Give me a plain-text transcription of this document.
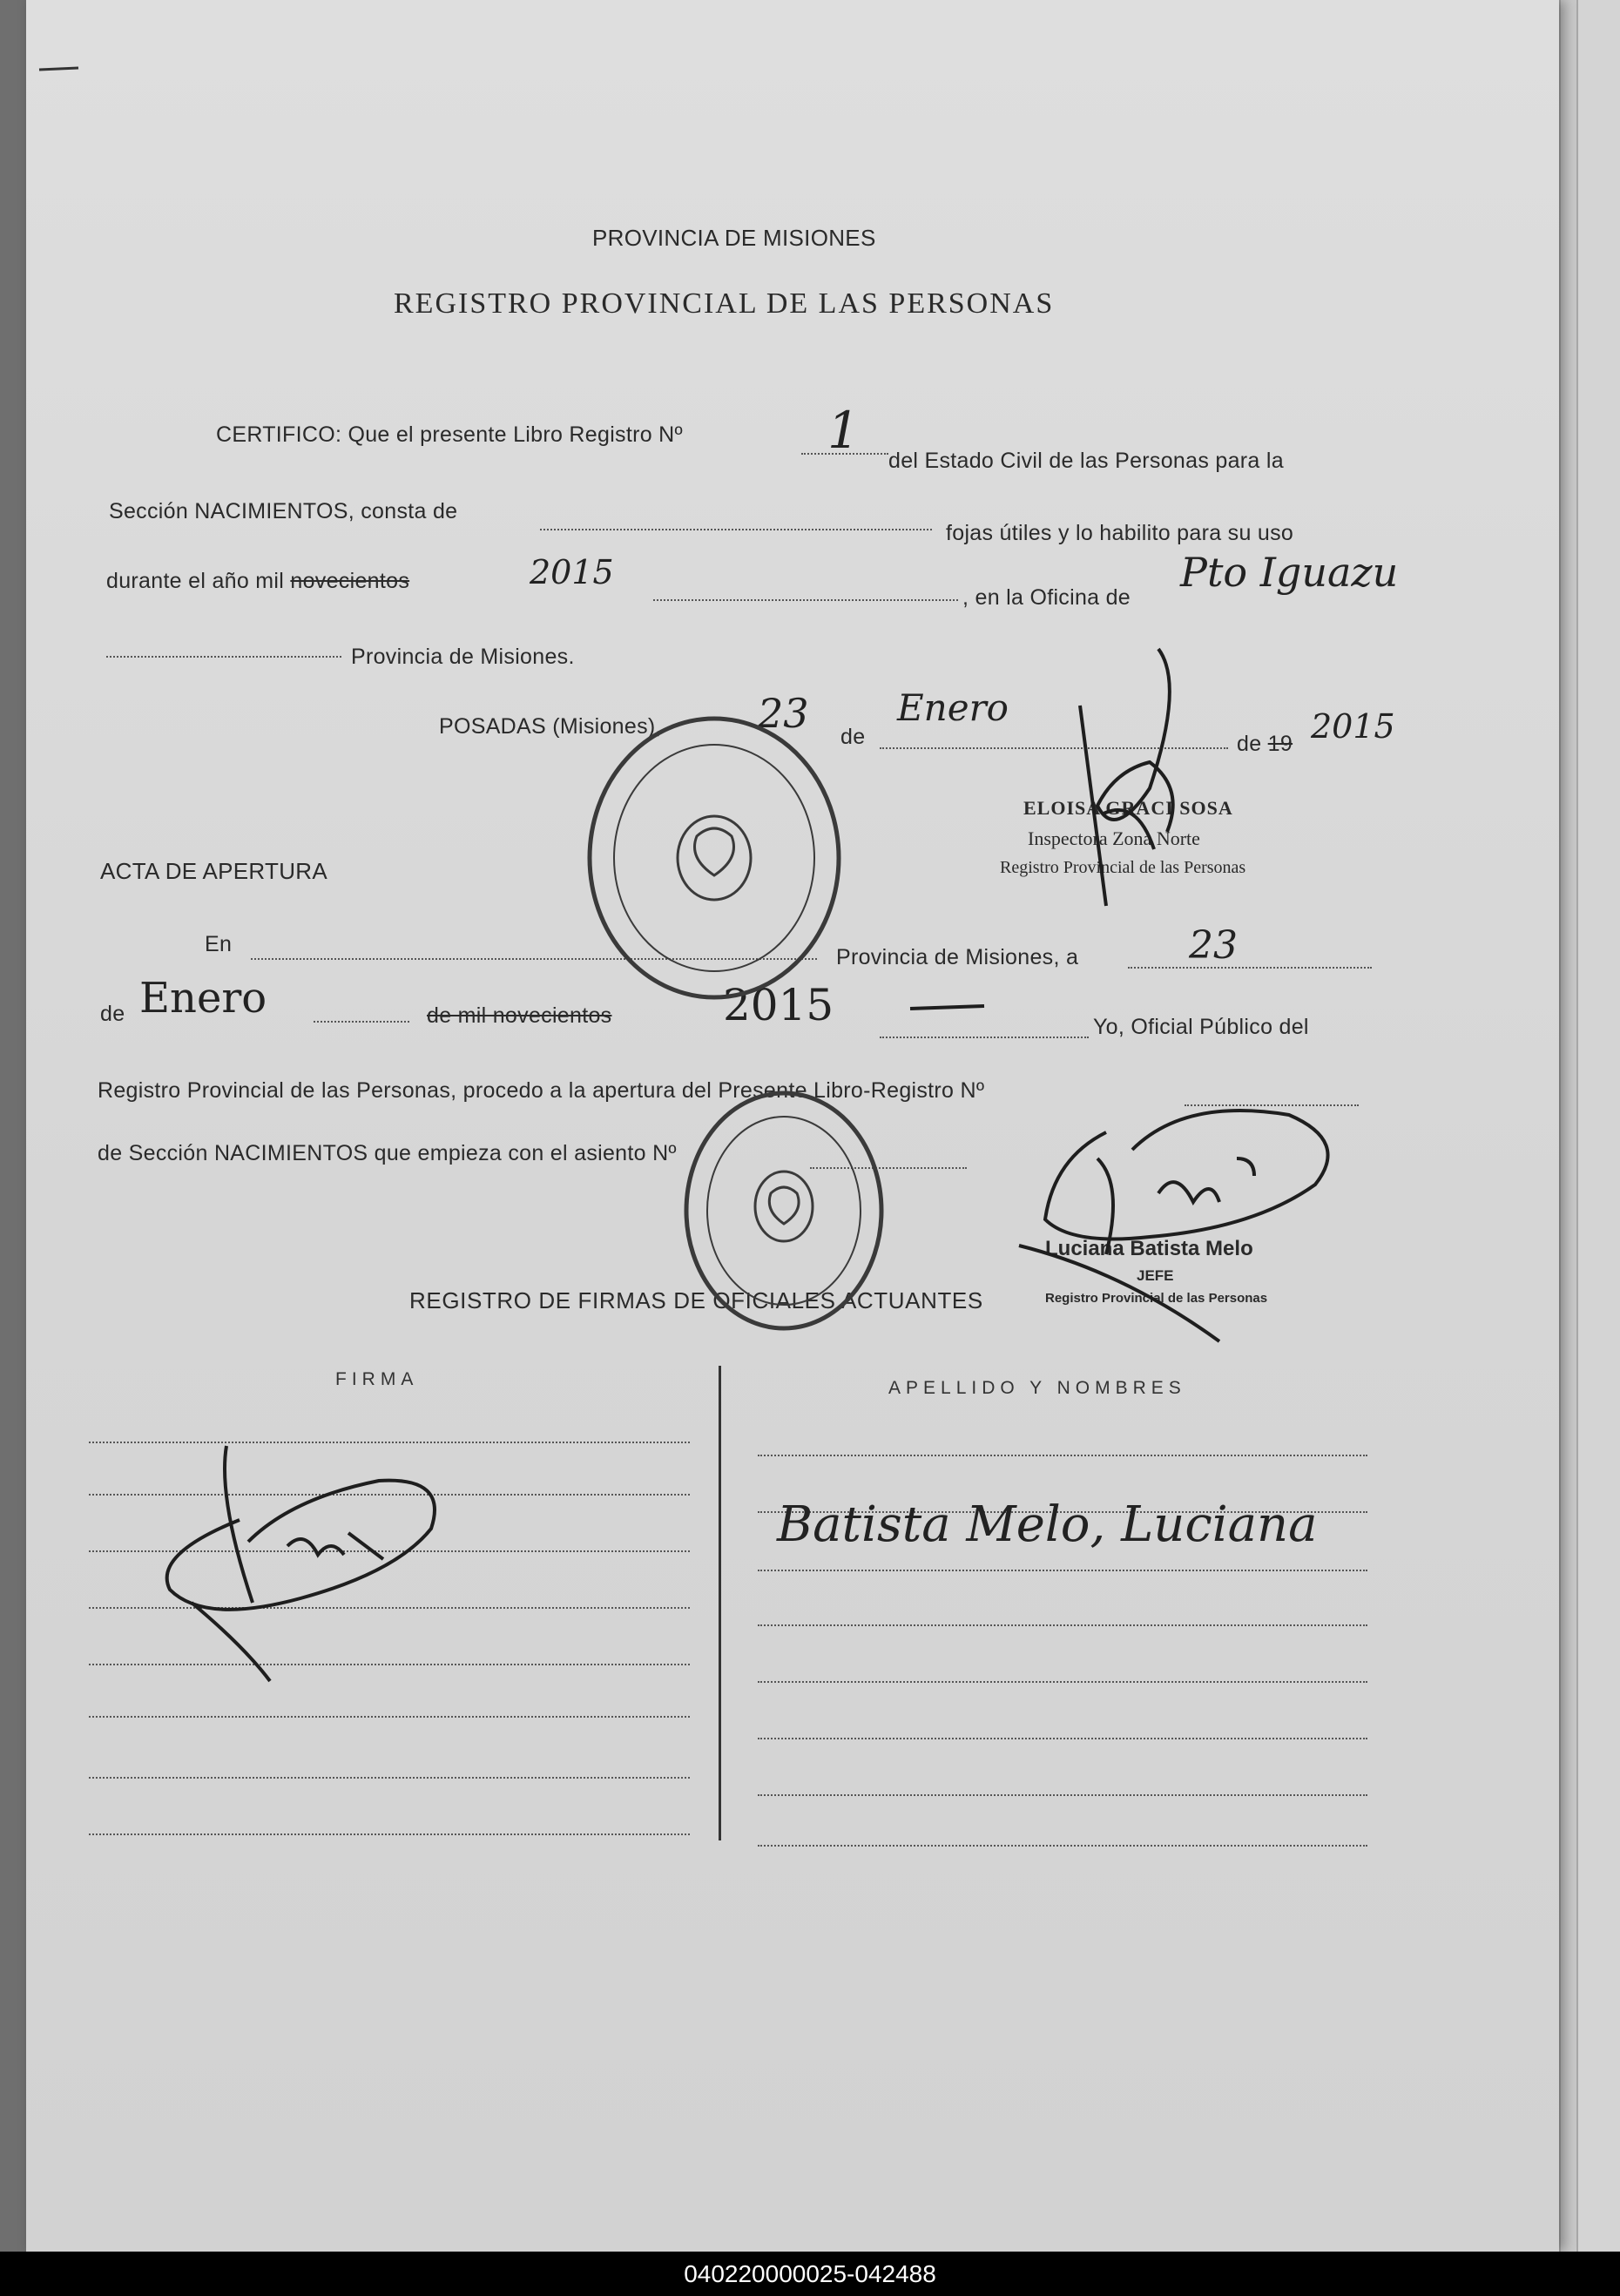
PROVINCIA DE MISIONES
REGISTRO PROVINCIAL DE LAS PERSONAS
CERTIFICO: Que el presente Libro Registro Nº	1
del Estado Civil de las Personas para la
Sección NACIMIENTOS, consta de
fojas útiles y lo habilito para su uso
durante el año mil novecientos	2015
, en la Oficina de
Pto Iguazu
Provincia de Misiones.
POSADAS (Misiones), 23 de
Enero
de 19 2015
ELOISA GRACI SOSA
Inspectora Zona Norte
Registro Provincial de las Personas
ACTA DE APERTURA
En
Provincia de Misiones, a	23
de Enero	de mil novecientos	2015	Yo, Oficial Público del
Registro Provincial de las Personas, procedo a la apertura del Presente Libro-Registro Nº
de Sección NACIMIENTOS que empieza con el asiento Nº
Luciana Batista Melo
JEFE
Registro Provincial de las Personas
REGISTRO DE FIRMAS DE OFICIALES ACTUANTES
FIRMA	APELLIDO Y NOMBRES
Batista Melo, Luciana
040220000025-042488
